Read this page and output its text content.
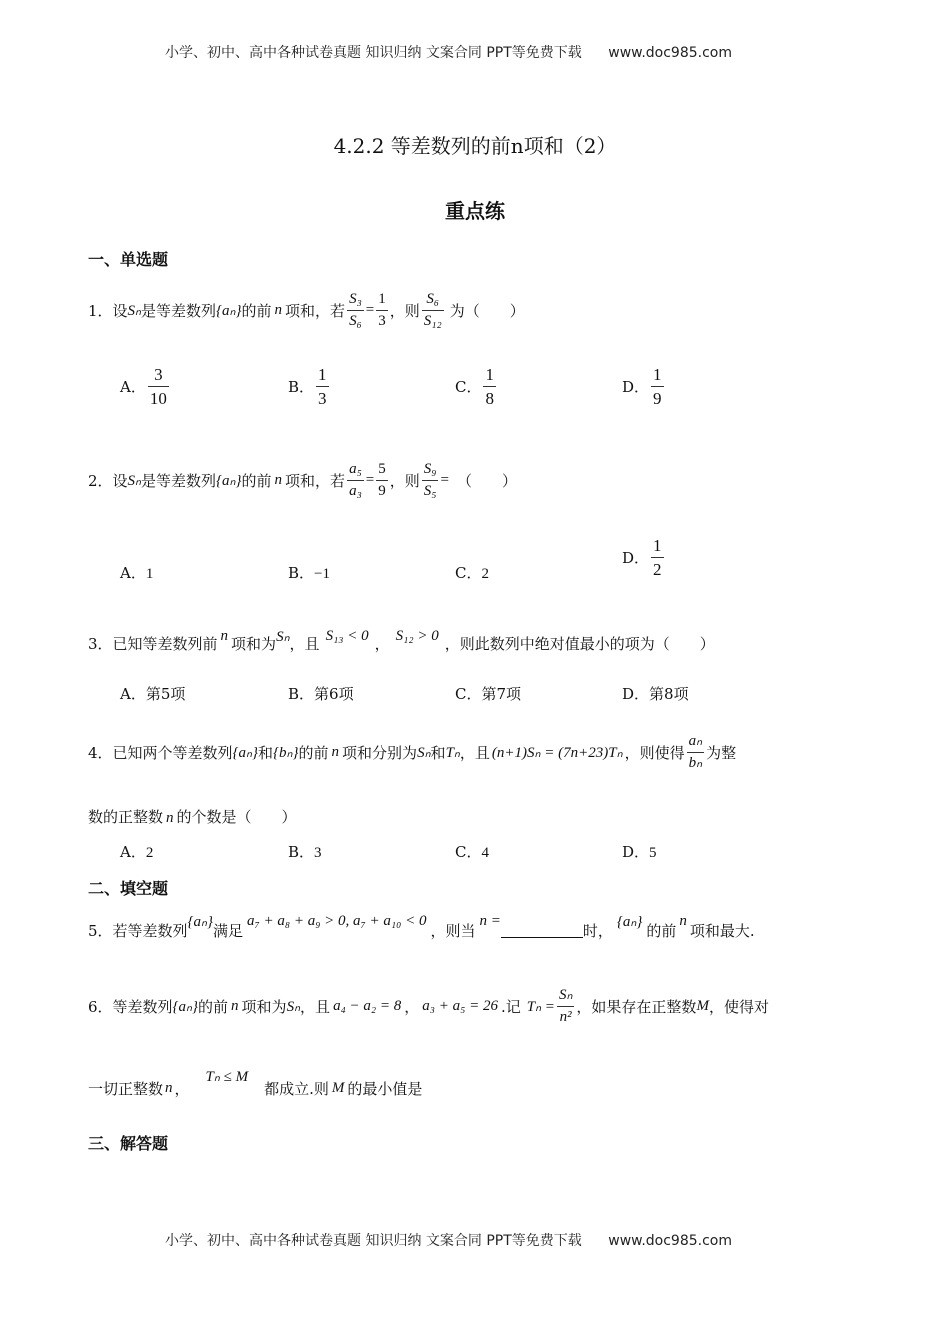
小学、初中、高中各种试卷真题 知识归纳 文案合同 PPT等免费下载 www.doc985.com
4.2.2 等差数列的前n项和（2）
重点练
一、单选题
1．设 Sₙ 是等差数列 {aₙ} 的前 n 项和，若 $\frac{\text{S₃}}{\text{S₆}} = \frac{1}{3}$ ，则 $\frac{\text{S₆}}{\text{S₁₂}}$ 为（　　）
A． $\frac{3}{10}$	B． $\frac{1}{3}$	C． $\frac{1}{8}$	D． $\frac{1}{9}$
2．设 Sₙ 是等差数列 {aₙ} 的前 n 项和，若 $\frac{\text{a₅}}{\text{a₃}} = \frac{5}{9}$ ，则 $\frac{\text{S₉}}{\text{S₅}}$ = （　　）
A．1	B．−1	C．2
D． $\frac{1}{2}$
3．已知等差数列前 n 项和为 Sₙ ，且 S₁₃ < 0 ， S₁₂ > 0 ，则此数列中绝对值最小的项为（　　）
A．第5项	B．第6项	C．第7项	D．第8项
4．已知两个等差数列 {aₙ} 和 {bₙ} 的前 n 项和分别为 Sₙ 和 Tₙ ，且 (n+1)Sₙ = (7n+23)Tₙ ，则使得 $\frac{\text{aₙ}}{\text{bₙ}}$ 为整
数的正整数 n 的个数是（　　）
A．2	B．3	C．4	D．5
二、填空题
5．若等差数列 {aₙ} 满足
a₇ + a₈ + a₉ > 0, a₇ + a₁₀ < 0
，则当
n =
时， {aₙ} 的前
n
项和最大.
6．等差数列 {aₙ} 的前 n 项和为 Sₙ ，且 a₄ − a₂ = 8 ， a₃ + a₅ = 26 .记 $T_n = \frac{\text{Sₙ}}{\text{n²}}$ ，如果存在正整数 M ，使得对
一切正整数 n ，
Tₙ ≤ M
都成立.则 M 的最小值是
三、解答题
小学、初中、高中各种试卷真题 知识归纳 文案合同 PPT等免费下载 www.doc985.com
